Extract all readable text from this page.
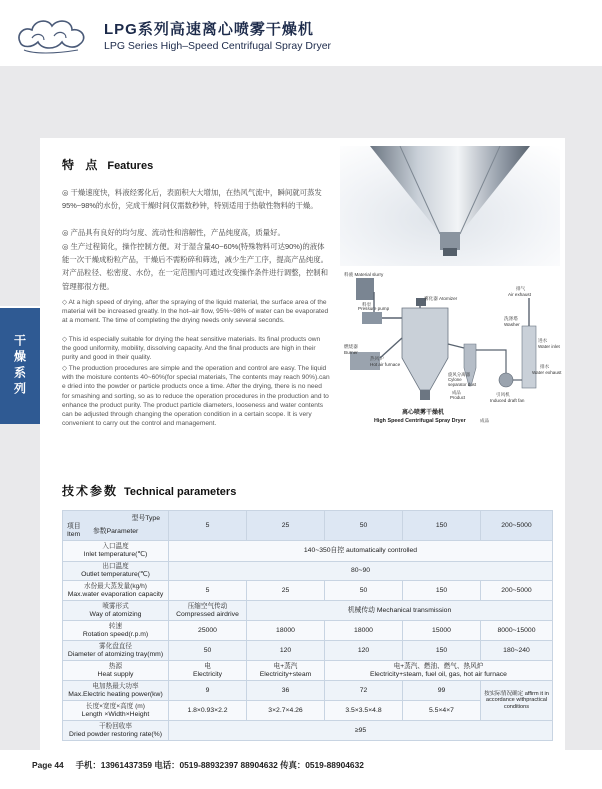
LPG系列高速离心喷雾干燥机
LPG Series High–Speed Centrifugal Spray Dryer
干燥系列
特 点 Features
◎ 干燥速度快，料液经雾化后，表面积大大增加，在热风气流中，瞬间就可蒸发95%~98%的水份，完成干燥时间仅需数秒钟，特别适用于热敏性物料的干燥。
◎ 产品具有良好的均匀度、流动性和溶解性，产品纯度高，质量好。
◎ 生产过程简化，操作控制方便。对于湿含量40~60%(特殊物料可达90%)的液体能一次干燥成粉粒产品，干燥后不需粉碎和筛选，减少生产工序，提高产品纯度。对产品粒径、松密度、水份，在一定范围内可通过改变操作条件进行调整，控制和管理都很方便。
◇ At a high speed of drying, after the spraying of the liquid material, the surface area of the material will be increased greatly. In the hot–air flow, 95%~98% of water can be evaporated at a moment. The time of completing the drying needs only several seconds.
◇ This id especially suitable for drying the heat sensitive materials. Its final products own the good uniformity, mobility, dissolving capacity. And the final products are high in their purity and good in their quality.
◇ The production procedures are simple and the operation and control are easy. The liquid with the moisture contents 40~60%(for special materials, The contents may reach 90%).can e dried into the powder or particle products once a time. After the drying, there is no need for smashing and sorting, so as to reduce the operation procedures in the production and to enhance the product purity. The product particle diameters, looseness and water contents can be adjusted through changing the operation condition in a certain scope. It is very convenient to carry out the control and management.
料液 Material slurry
料泵
Pressure pump
雾化器 Atomizer
燃烧器
Burner
热风炉
Hot air furnace
旋风分离器
Cylone
separator dust
成品
Product
排气
Air exhaust
洗涤塔
Washer
进水
Water inlet
排水
Water exhaust
引风机
Induced draft fan
离心喷雾干燥机
High Speed Centrifugal Spray Dryer	成品
技术参数 Technical parameters
型号Type
项目
参数Parameter
Item	5	25	50	150	200~5000

入口温度
Inlet temperature(℃)	140~350自控 automatically controlled				

出口温度
Outlet temperature(℃)	80~90				

水份最大蒸发量(kg/h)
Max.water evaporation capacity	5	25	50	150	200~5000

喷雾形式
Way of atomizing	压缩空气传动
Compressed airdrive	机械传动 Mechanical transmission			

转速
Rotation speed(r.p.m)	25000	18000	18000	15000	8000~15000

雾化盘直径
Diameter of atomizing tray(mm)	50	120	120	150	180~240

热源
Heat supply	电
Electricity	电+蒸汽
Electricity+steam	电+蒸汽、燃油、燃气、热风炉
Electricity+steam, fuel oil, gas, hot air furnace		

电加热最大功率
Max.Electric heating power(kw)	9	36	72	99	按实际情况确定 affirm it in accordance withpractical conditions

长度×宽度×高度 (m)
Length ×Width×Height	1.8×0.93×2.2	3×2.7×4.26	3.5×3.5×4.8	5.5×4×7	

干粉回收率
Dried powder restoring rate(%)	≥95				
Page 44 手机：13961437359 电话：0519-88932397 88904632 传真：0519-88904632
